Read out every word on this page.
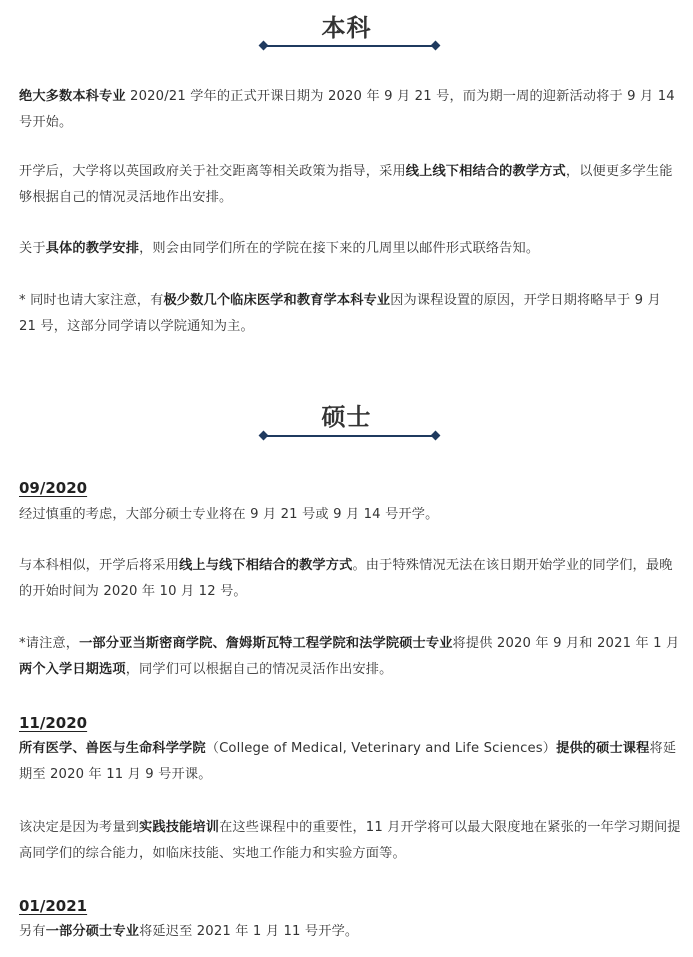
本科

绝大多数本科专业 2020/21 学年的正式开课日期为 2020 年 9 月 21 号，而为期一周的迎新活动将于 9 月 14 号开始。

开学后，大学将以英国政府关于社交距离等相关政策为指导，采用线上线下相结合的教学方式，以便更多学生能够根据自己的情况灵活地作出安排。

关于具体的教学安排，则会由同学们所在的学院在接下来的几周里以邮件形式联络告知。

* 同时也请大家注意，有极少数几个临床医学和教育学本科专业因为课程设置的原因，开学日期将略早于 9 月 21 号，这部分同学请以学院通知为主。

硕士
09/2020

经过慎重的考虑，大部分硕士专业将在 9 月 21 号或 9 月 14 号开学。

与本科相似，开学后将采用线上与线下相结合的教学方式。由于特殊情况无法在该日期开始学业的同学们，最晚的开始时间为 2020 年 10 月 12 号。

*请注意，一部分亚当斯密商学院、詹姆斯瓦特工程学院和法学院硕士专业将提供 2020 年 9 月和 2021 年 1 月两个入学日期选项，同学们可以根据自己的情况灵活作出安排。

11/2020

所有医学、兽医与生命科学学院（College of Medical, Veterinary and Life Sciences）提供的硕士课程将延期至 2020 年 11 月 9 号开课。

该决定是因为考量到实践技能培训在这些课程中的重要性，11 月开学将可以最大限度地在紧张的一年学习期间提高同学们的综合能力，如临床技能、实地工作能力和实验方面等。

01/2021

另有一部分硕士专业将延迟至 2021 年 1 月 11 号开学。
